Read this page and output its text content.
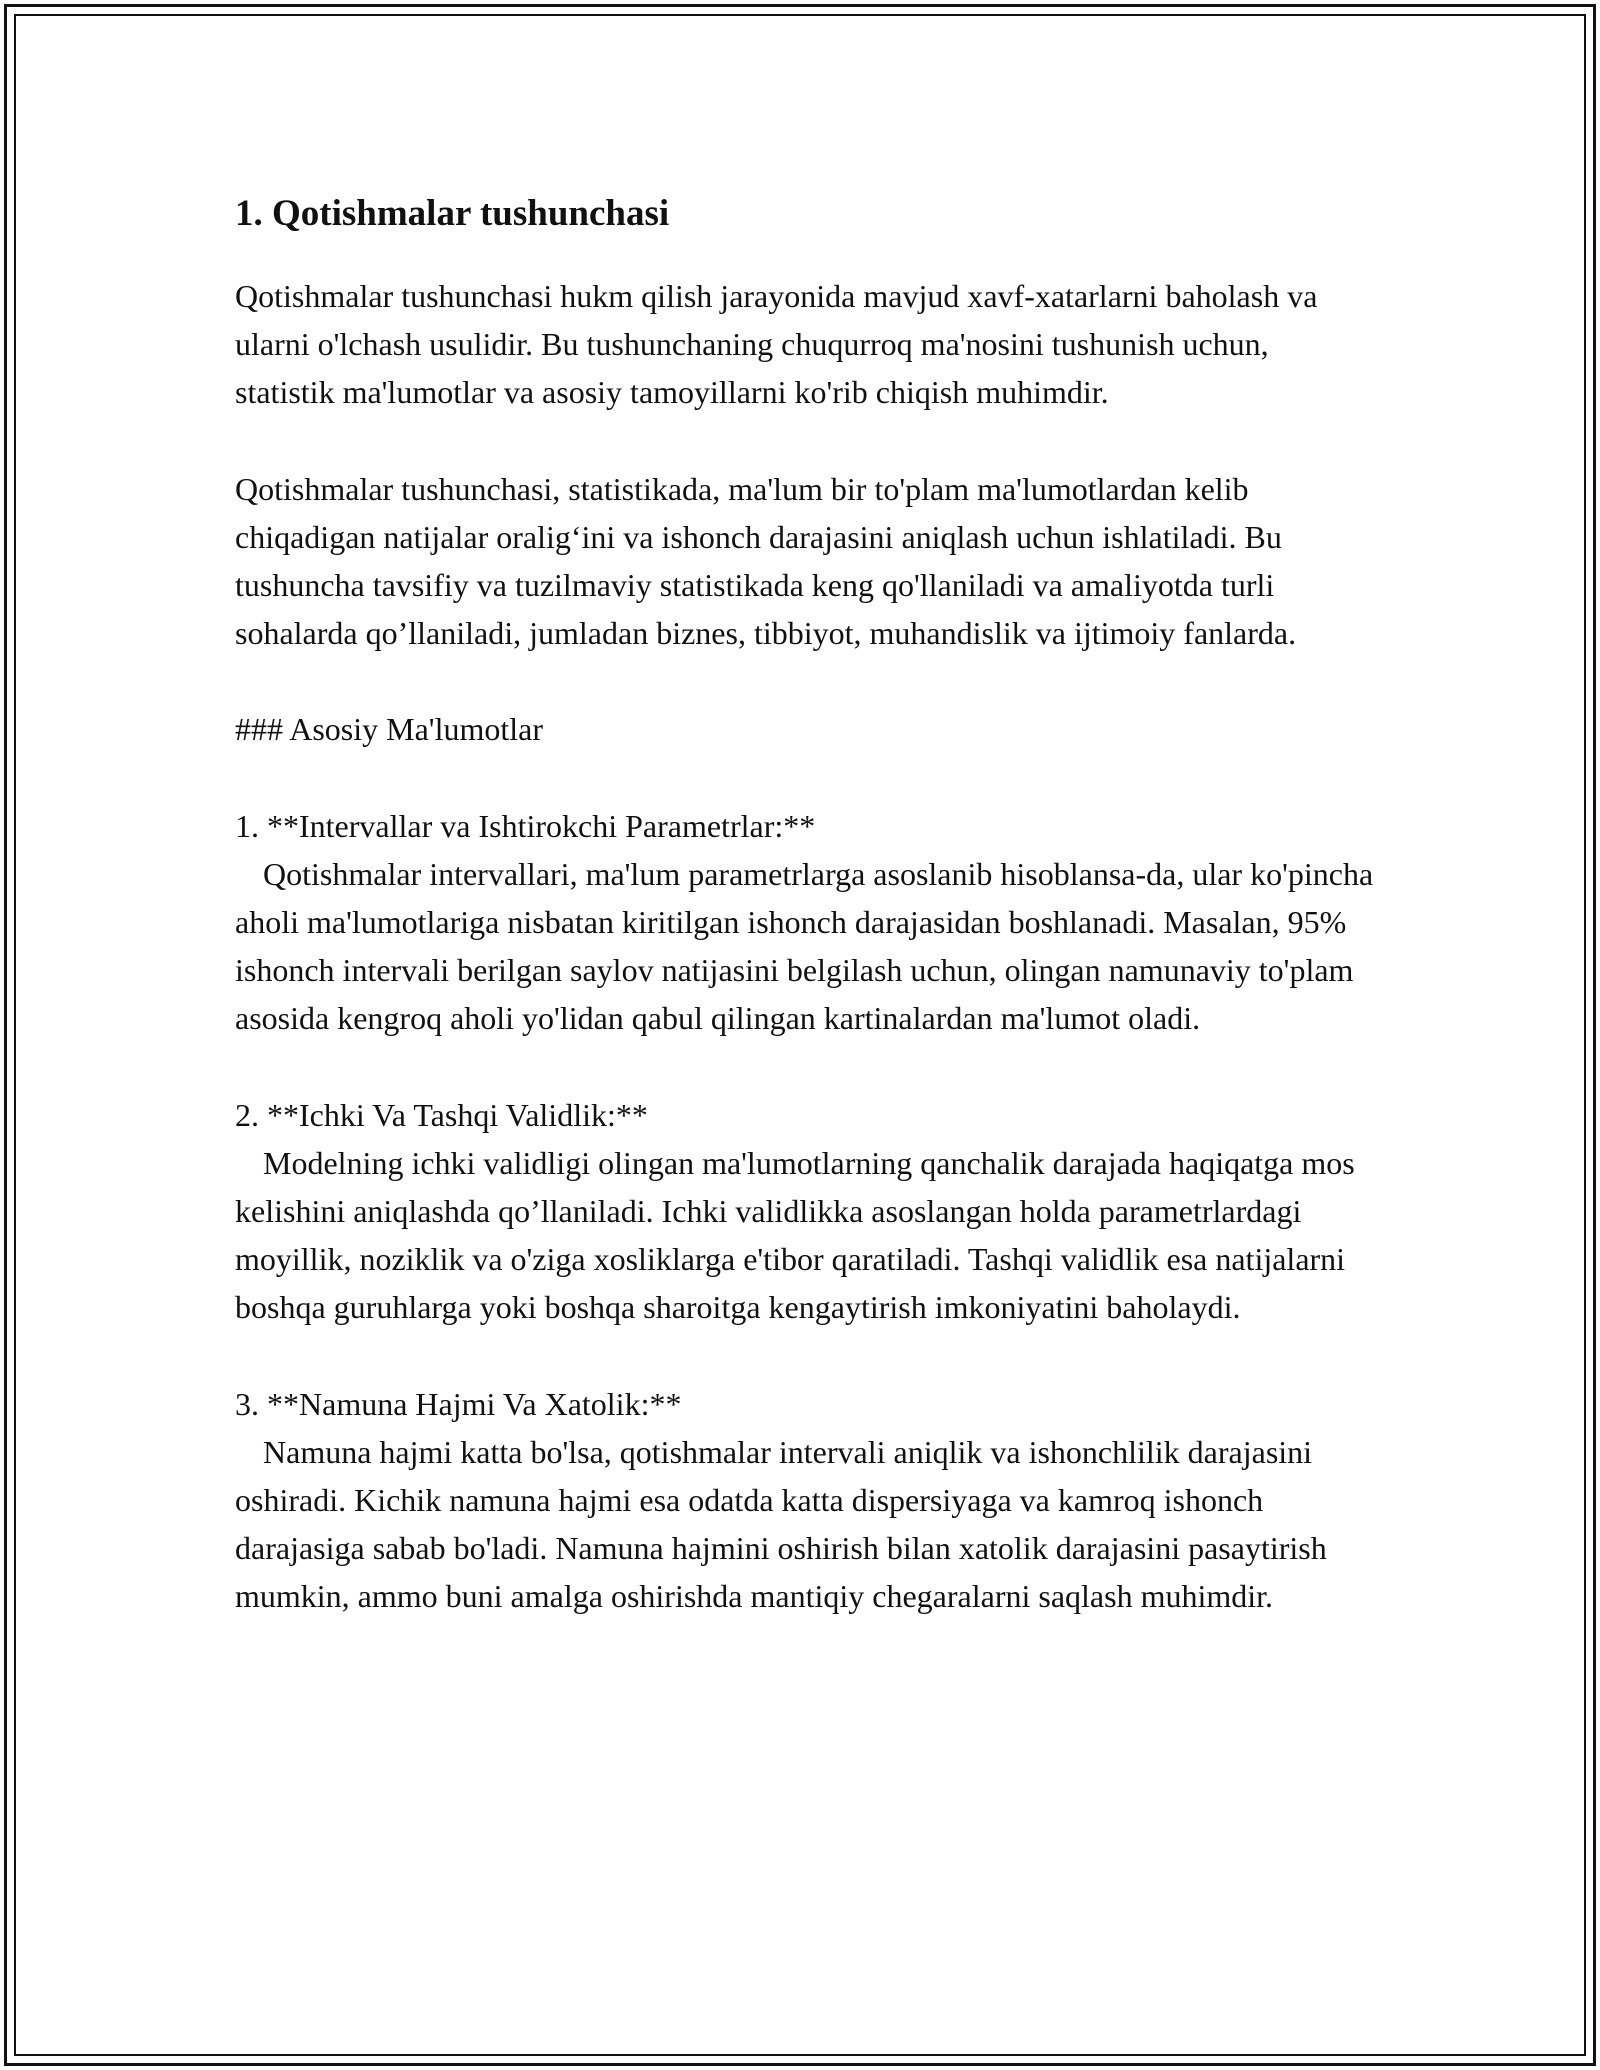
1. Qotishmalar tushunchasi

Qotishmalar tushunchasi hukm qilish jarayonida mavjud xavf-xatarlarni baholash va ularni o'lchash usulidir. Bu tushunchaning chuqurroq ma'nosini tushunish uchun, statistik ma'lumotlar va asosiy tamoyillarni ko'rib chiqish muhimdir.

Qotishmalar tushunchasi, statistikada, ma'lum bir to'plam ma'lumotlardan kelib chiqadigan natijalar oralig‘ini va ishonch darajasini aniqlash uchun ishlatiladi. Bu tushuncha tavsifiy va tuzilmaviy statistikada keng qo'llaniladi va amaliyotda turli sohalarda qo’llaniladi, jumladan biznes, tibbiyot, muhandislik va ijtimoiy fanlarda.

### Asosiy Ma'lumotlar

1. **Intervallar va Ishtirokchi Parametrlar:**
Qotishmalar intervallari, ma'lum parametrlarga asoslanib hisoblansa-da, ular ko'pincha aholi ma'lumotlariga nisbatan kiritilgan ishonch darajasidan boshlanadi. Masalan, 95% ishonch intervali berilgan saylov natijasini belgilash uchun, olingan namunaviy to'plam asosida kengroq aholi yo'lidan qabul qilingan kartinalardan ma'lumot oladi.
2. **Ichki Va Tashqi Validlik:**
Modelning ichki validligi olingan ma'lumotlarning qanchalik darajada haqiqatga mos kelishini aniqlashda qo’llaniladi. Ichki validlikka asoslangan holda parametrlardagi moyillik, noziklik va o'ziga xosliklarga e'tibor qaratiladi. Tashqi validlik esa natijalarni boshqa guruhlarga yoki boshqa sharoitga kengaytirish imkoniyatini baholaydi.
3. **Namuna Hajmi Va Xatolik:**
Namuna hajmi katta bo'lsa, qotishmalar intervali aniqlik va ishonchlilik darajasini oshiradi. Kichik namuna hajmi esa odatda katta dispersiyaga va kamroq ishonch darajasiga sabab bo'ladi. Namuna hajmini oshirish bilan xatolik darajasini pasaytirish mumkin, ammo buni amalga oshirishda mantiqiy chegaralarni saqlash muhimdir.
